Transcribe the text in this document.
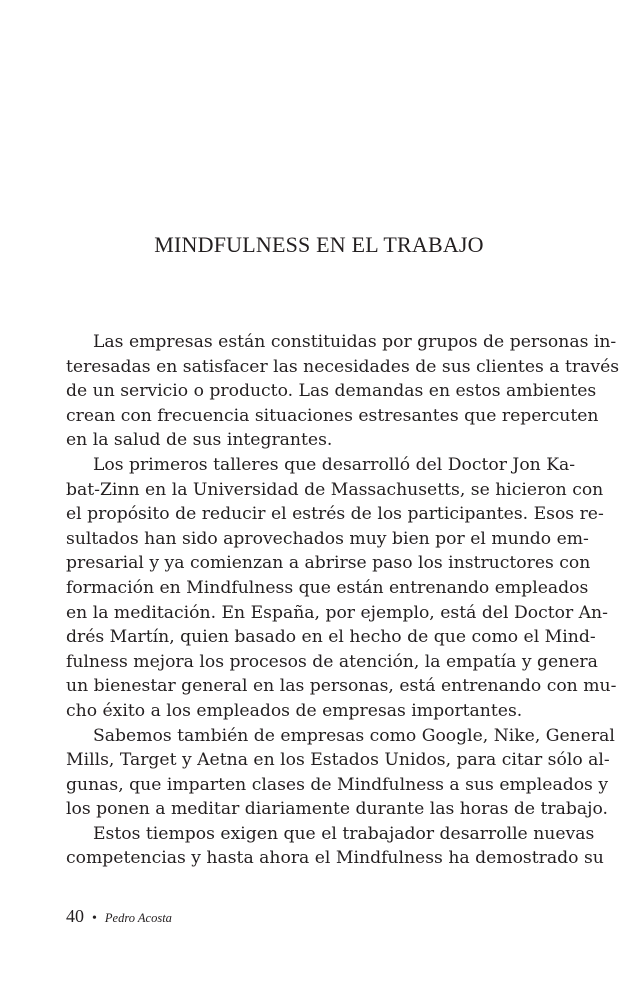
MINDFULNESS EN EL TRABAJO
Las empresas están constituidas por grupos de personas in-
teresadas en satisfacer las necesidades de sus clientes a través
de un servicio o producto. Las demandas en estos ambientes
crean con frecuencia situaciones estresantes que repercuten
en la salud de sus integrantes.
Los primeros talleres que desarrolló del Doctor Jon Ka-
bat-Zinn en la Universidad de Massachusetts, se hicieron con
el propósito de reducir el estrés de los participantes. Esos re-
sultados han sido aprovechados muy bien por el mundo em-
presarial y ya comienzan a abrirse paso los instructores con
formación en Mindfulness que están entrenando empleados
en la meditación. En España, por ejemplo, está del Doctor An-
drés Martín, quien basado en el hecho de que como el Mind-
fulness mejora los procesos de atención, la empatía y genera
un bienestar general en las personas, está entrenando con mu-
cho éxito a los empleados de empresas importantes.
Sabemos también de empresas como Google, Nike, General
Mills, Target y Aetna en los Estados Unidos, para citar sólo al-
gunas, que imparten clases de Mindfulness a sus empleados y
los ponen a meditar diariamente durante las horas de trabajo.
Estos tiempos exigen que el trabajador desarrolle nuevas
competencias y hasta ahora el Mindfulness ha demostrado su
40 • Pedro Acosta
